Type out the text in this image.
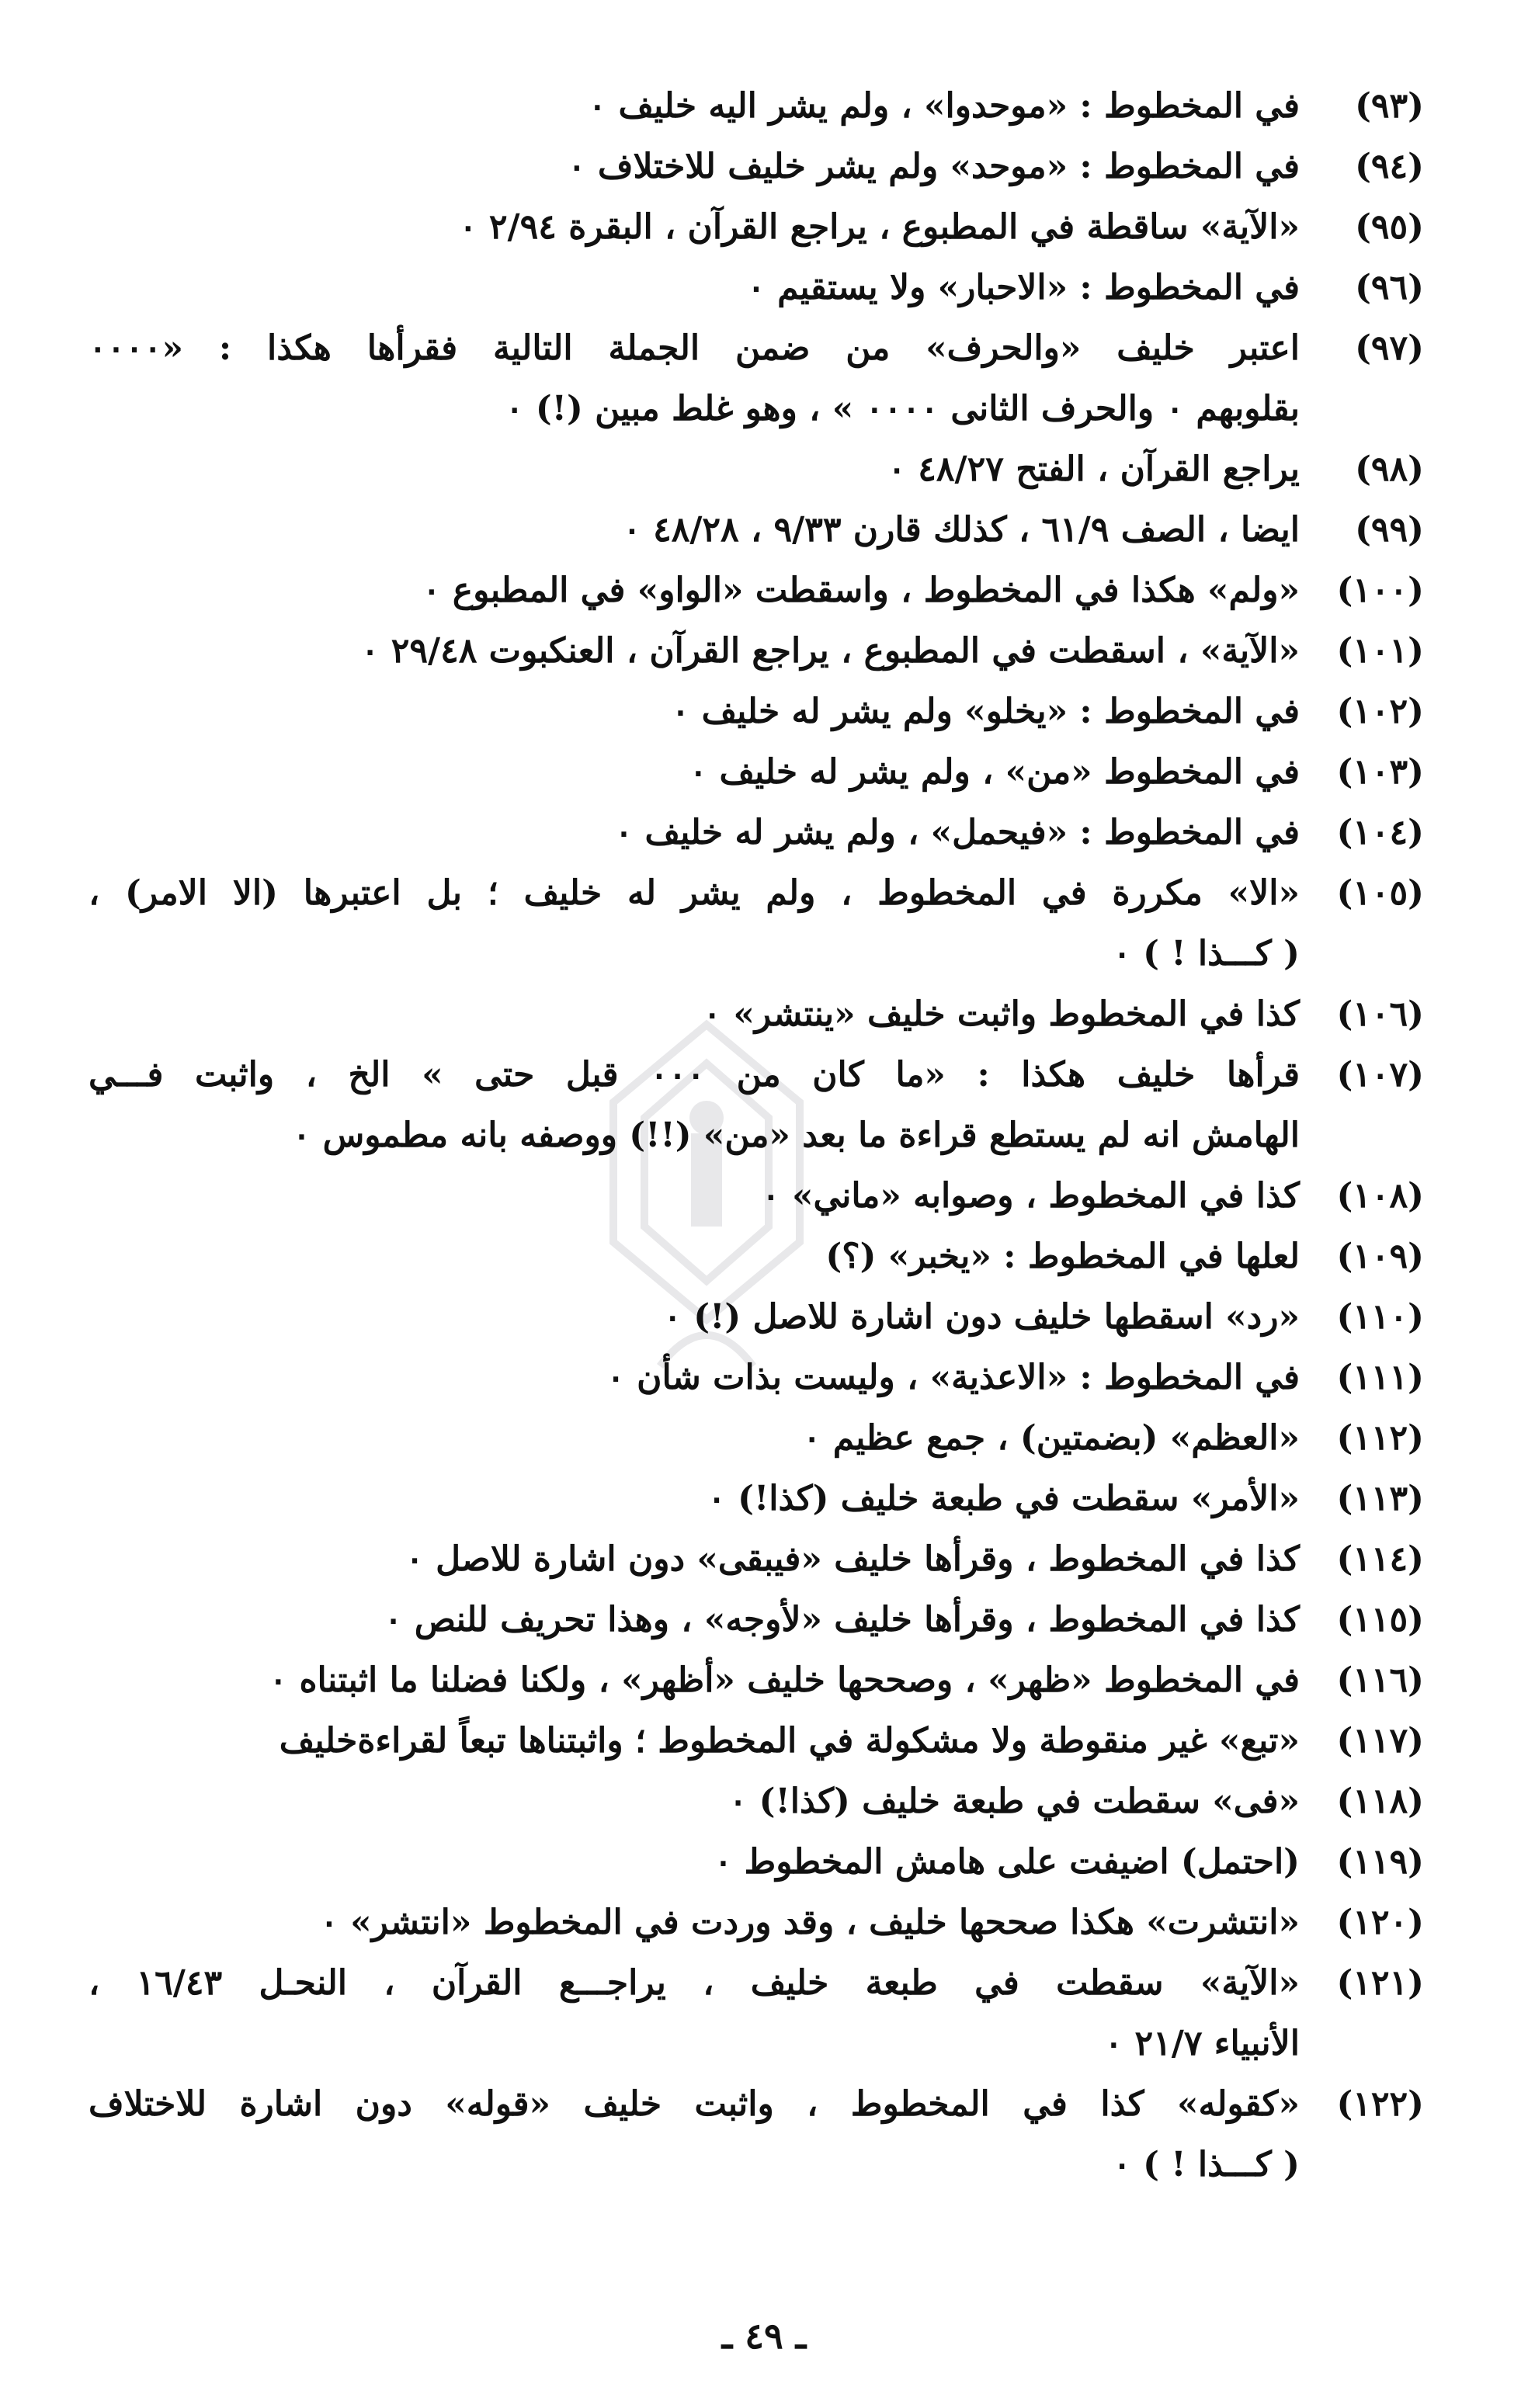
(٩٣)
في المخطوط : «موحدوا» ، ولم يشر اليه خليف ٠
(٩٤)
في المخطوط : «موحد» ولم يشر خليف للاختلاف ٠
(٩٥)
«الآية» ساقطة في المطبوع ، يراجع القرآن ، البقرة ٢/٩٤ ٠
(٩٦)
في المخطوط : «الاحبار» ولا يستقيم ٠
(٩٧)
اعتبر خليف «والحرف» من ضمن الجملة التالية فقرأها هكذا : «٠٠٠٠
بقلوبهم ٠ والحرف الثانى ٠٠٠٠ » ، وهو غلط مبين (!) ٠
(٩٨)
يراجع القرآن ، الفتح ٤٨/٢٧ ٠
(٩٩)
ايضا ، الصف ٦١/٩ ، كذلك قارن ٩/٣٣ ، ٤٨/٢٨ ٠
(١٠٠)
«ولم» هكذا في المخطوط ، واسقطت «الواو» في المطبوع ٠
(١٠١)
«الآية» ، اسقطت في المطبوع ، يراجع القرآن ، العنكبوت ٢٩/٤٨ ٠
(١٠٢)
في المخطوط : «يخلو» ولم يشر له خليف ٠
(١٠٣)
في المخطوط «من» ، ولم يشر له خليف ٠
(١٠٤)
في المخطوط : «فيحمل» ، ولم يشر له خليف ٠
(١٠٥)
«الا» مكررة في المخطوط ، ولم يشر له خليف ؛ بل اعتبرها (الا الامر) ،
( كـــذا ! ) ٠
(١٠٦)
كذا في المخطوط واثبت خليف «ينتشر» ٠
(١٠٧)
قرأها خليف هكذا : «ما كان من ٠٠٠ قبل حتى » الخ ، واثبت فـــي
الهامش انه لم يستطع قراءة ما بعد «من» (!!) ووصفه بانه مطموس ٠
(١٠٨)
كذا في المخطوط ، وصوابه «ماني» ٠
(١٠٩)
لعلها في المخطوط : «يخبر» (؟)
(١١٠)
«رد» اسقطها خليف دون اشارة للاصل (!) ٠
(١١١)
في المخطوط : «الاعذية» ، وليست بذات شأن ٠
(١١٢)
«العظم» (بضمتين) ، جمع عظيم ٠
(١١٣)
«الأمر» سقطت في طبعة خليف (كذا!) ٠
(١١٤)
كذا في المخطوط ، وقرأها خليف «فيبقى» دون اشارة للاصل ٠
(١١٥)
كذا في المخطوط ، وقرأها خليف «لأوجه» ، وهذا تحريف للنص ٠
(١١٦)
في المخطوط «ظهر» ، وصححها خليف «أظهر» ، ولكنا فضلنا ما اثبتناه ٠
(١١٧)
«تبع» غير منقوطة ولا مشكولة في المخطوط ؛ واثبتناها تبعاً لقراءةخليف
(١١٨)
«فى» سقطت في طبعة خليف (كذا!) ٠
(١١٩)
(احتمل) اضيفت على هامش المخطوط ٠
(١٢٠)
«انتشرت» هكذا صححها خليف ، وقد وردت في المخطوط «انتشر» ٠
(١٢١)
«الآية» سقطت في طبعة خليف ، يراجـــع القرآن ، النحـل ١٦/٤٣ ،
الأنبياء ٢١/٧ ٠
(١٢٢)
«كقوله» كذا في المخطوط ، واثبت خليف «قوله» دون اشارة للاختلاف
( كـــذا ! ) ٠
ـ ٤٩ ـ
